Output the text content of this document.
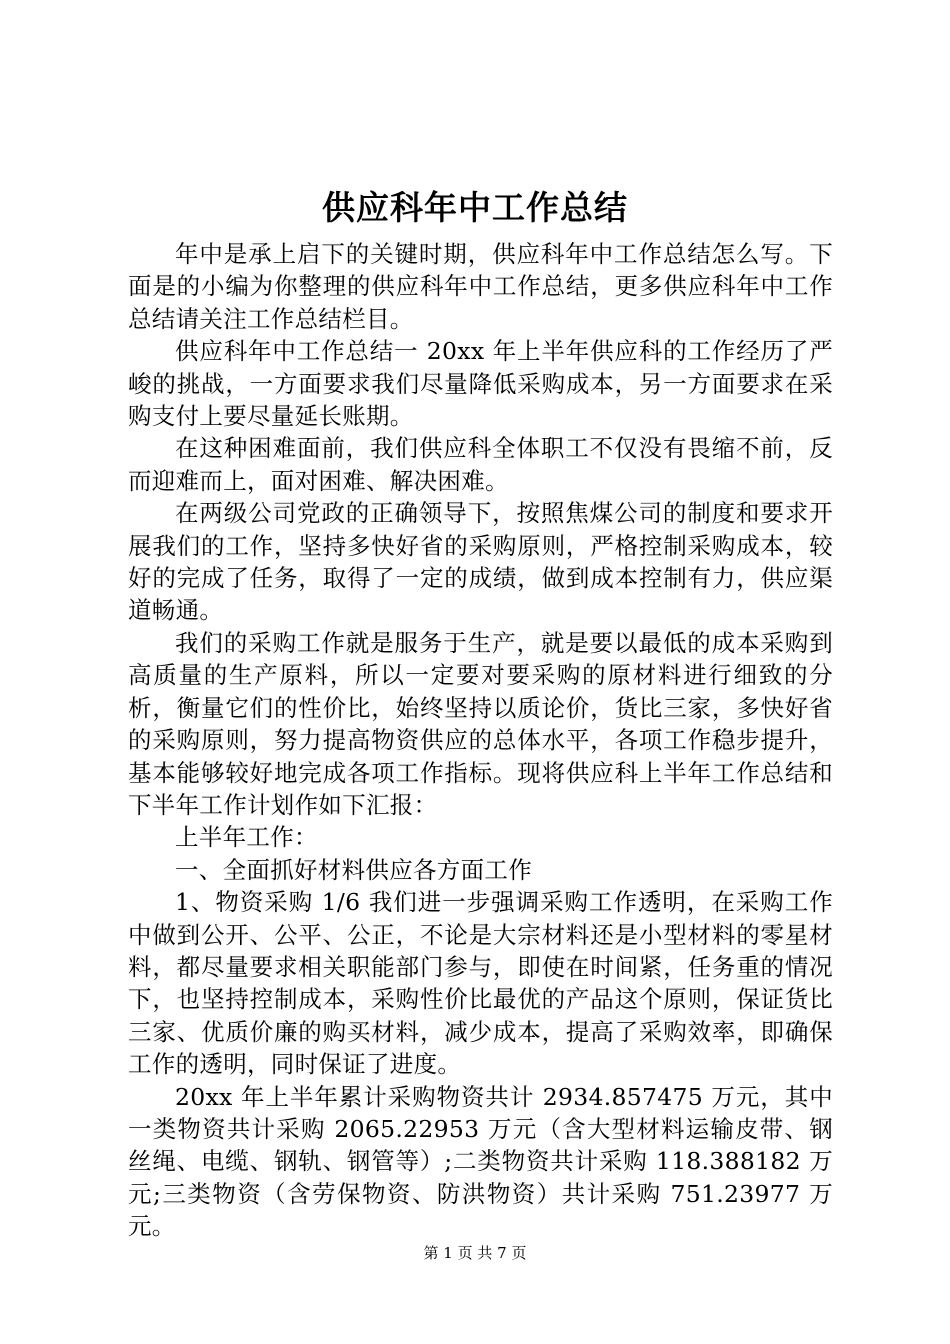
供应科年中工作总结

年中是承上启下的关键时期，供应科年中工作总结怎么写。下面是的小编为你整理的供应科年中工作总结，更多供应科年中工作总结请关注工作总结栏目。

供应科年中工作总结一 20xx 年上半年供应科的工作经历了严峻的挑战，一方面要求我们尽量降低采购成本，另一方面要求在采购支付上要尽量延长账期。

在这种困难面前，我们供应科全体职工不仅没有畏缩不前，反而迎难而上，面对困难、解决困难。

在两级公司党政的正确领导下，按照焦煤公司的制度和要求开展我们的工作，坚持多快好省的采购原则，严格控制采购成本，较好的完成了任务，取得了一定的成绩，做到成本控制有力，供应渠道畅通。

我们的采购工作就是服务于生产，就是要以最低的成本采购到高质量的生产原料，所以一定要对要采购的原材料进行细致的分析，衡量它们的性价比，始终坚持以质论价，货比三家，多快好省的采购原则，努力提高物资供应的总体水平，各项工作稳步提升，基本能够较好地完成各项工作指标。现将供应科上半年工作总结和下半年工作计划作如下汇报：

上半年工作：

一、全面抓好材料供应各方面工作

1、物资采购 1/6 我们进一步强调采购工作透明，在采购工作中做到公开、公平、公正，不论是大宗材料还是小型材料的零星材料，都尽量要求相关职能部门参与，即使在时间紧，任务重的情况下，也坚持控制成本，采购性价比最优的产品这个原则，保证货比三家、优质价廉的购买材料，减少成本，提高了采购效率，即确保工作的透明，同时保证了进度。

20xx 年上半年累计采购物资共计 2934.857475 万元，其中一类物资共计采购 2065.22953 万元（含大型材料运输皮带、钢丝绳、电缆、钢轨、钢管等）;二类物资共计采购 118.388182 万元;三类物资（含劳保物资、防洪物资）共计采购 751.23977 万元。

第 1 页 共 7 页
